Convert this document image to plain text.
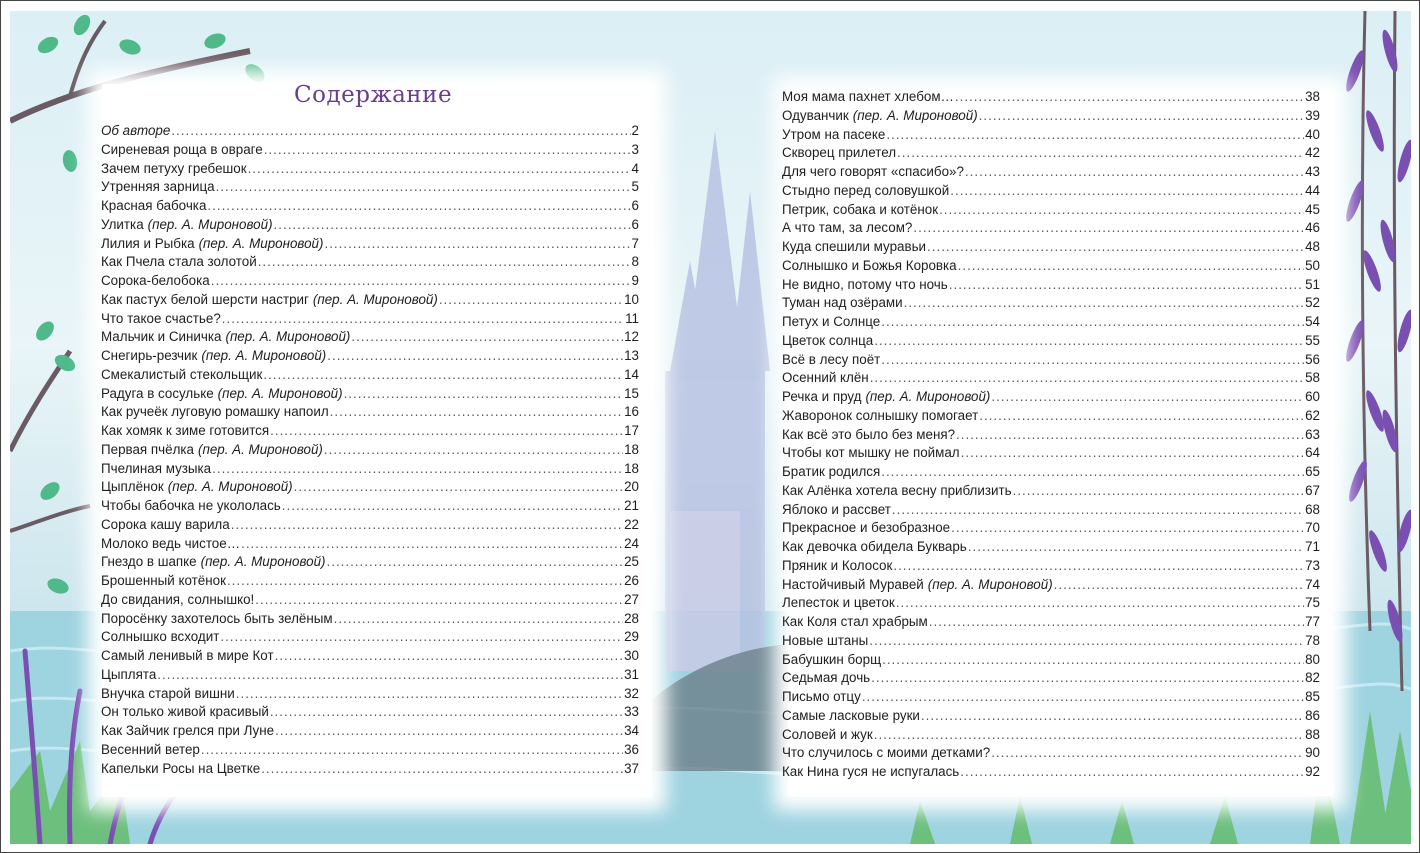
Содержание
Об авторе .....	2
Сиреневая роща в овраге .....	3
Зачем петуху гребешок .....	4
Утренняя зарница .....	5
Красная бабочка .....	6
Улитка (пер. А. Мироновой) .....	6
Лилия и Рыбка (пер. А. Мироновой) .....	7
Как Пчела стала золотой .....	8
Сорока-белобока .....	9
Как пастух белой шерсти настриг (пер. А. Мироновой) .....	10
Что такое счастье? .....	11
Мальчик и Синичка (пер. А. Мироновой) .....	12
Снегирь-резчик (пер. А. Мироновой) .....	13
Смекалистый стекольщик .....	14
Радуга в сосульке (пер. А. Мироновой) .....	15
Как ручеёк луговую ромашку напоил .....	16
Как хомяк к зиме готовится .....	17
Первая пчёлка (пер. А. Мироновой) .....	18
Пчелиная музыка .....	18
Цыплёнок (пер. А. Мироновой) .....	20
Чтобы бабочка не укололась .....	21
Сорока кашу варила .....	22
Молоко ведь чистое… .....	24
Гнездо в шапке (пер. А. Мироновой) .....	25
Брошенный котёнок .....	26
До свидания, солнышко! .....	27
Поросёнку захотелось быть зелёным .....	28
Солнышко всходит .....	29
Самый ленивый в мире Кот .....	30
Цыплята .....	31
Внучка старой вишни .....	32
Он только живой красивый .....	33
Как Зайчик грелся при Луне .....	34
Весенний ветер .....	36
Капельки Росы на Цветке .....	37
Моя мама пахнет хлебом… .....	38
Одуванчик (пер. А. Мироновой) .....	39
Утром на пасеке .....	40
Скворец прилетел .....	42
Для чего говорят «спасибо»? .....	43
Стыдно перед соловушкой .....	44
Петрик, собака и котёнок .....	45
А что там, за лесом? .....	46
Куда спешили муравьи .....	48
Солнышко и Божья Коровка .....	50
Не видно, потому что ночь .....	51
Туман над озёрами .....	52
Петух и Солнце .....	54
Цветок солнца .....	55
Всё в лесу поёт .....	56
Осенний клён .....	58
Речка и пруд (пер. А. Мироновой) .....	60
Жаворонок солнышку помогает .....	62
Как всё это было без меня? .....	63
Чтобы кот мышку не поймал .....	64
Братик родился .....	65
Как Алёнка хотела весну приблизить .....	67
Яблоко и рассвет .....	68
Прекрасное и безобразное .....	70
Как девочка обидела Букварь .....	71
Пряник и Колосок .....	73
Настойчивый Муравей (пер. А. Мироновой) .....	74
Лепесток и цветок .....	75
Как Коля стал храбрым .....	77
Новые штаны .....	78
Бабушкин борщ .....	80
Седьмая дочь .....	82
Письмо отцу .....	85
Самые ласковые руки .....	86
Соловей и жук .....	88
Что случилось с моими детками? .....	90
Как Нина гуся не испугалась .....	92
